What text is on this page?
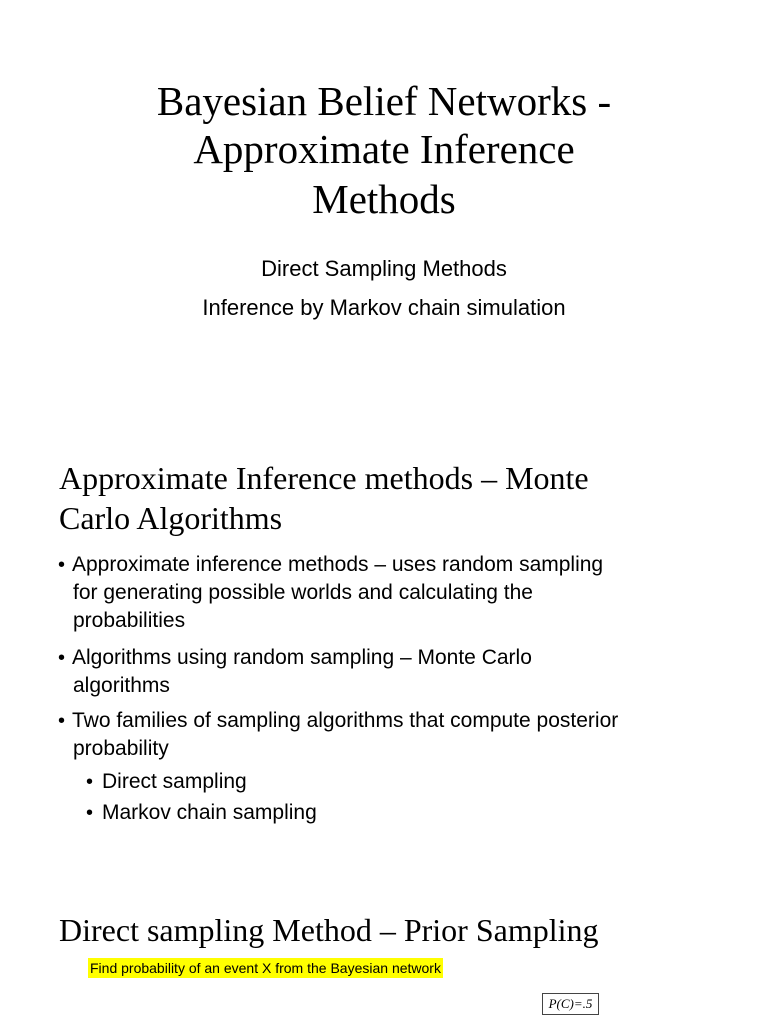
Bayesian Belief Networks -
Approximate Inference
Methods
Direct Sampling Methods
Inference by Markov chain simulation
Approximate Inference methods – Monte
Carlo Algorithms
• Approximate inference methods – uses random sampling
for generating possible worlds and calculating the
probabilities
• Algorithms using random sampling – Monte Carlo
algorithms
• Two families of sampling algorithms that compute posterior
probability
• Direct sampling
• Markov chain sampling
Direct sampling Method – Prior Sampling
Find probability of an event X from the Bayesian network
P(C)=.5
